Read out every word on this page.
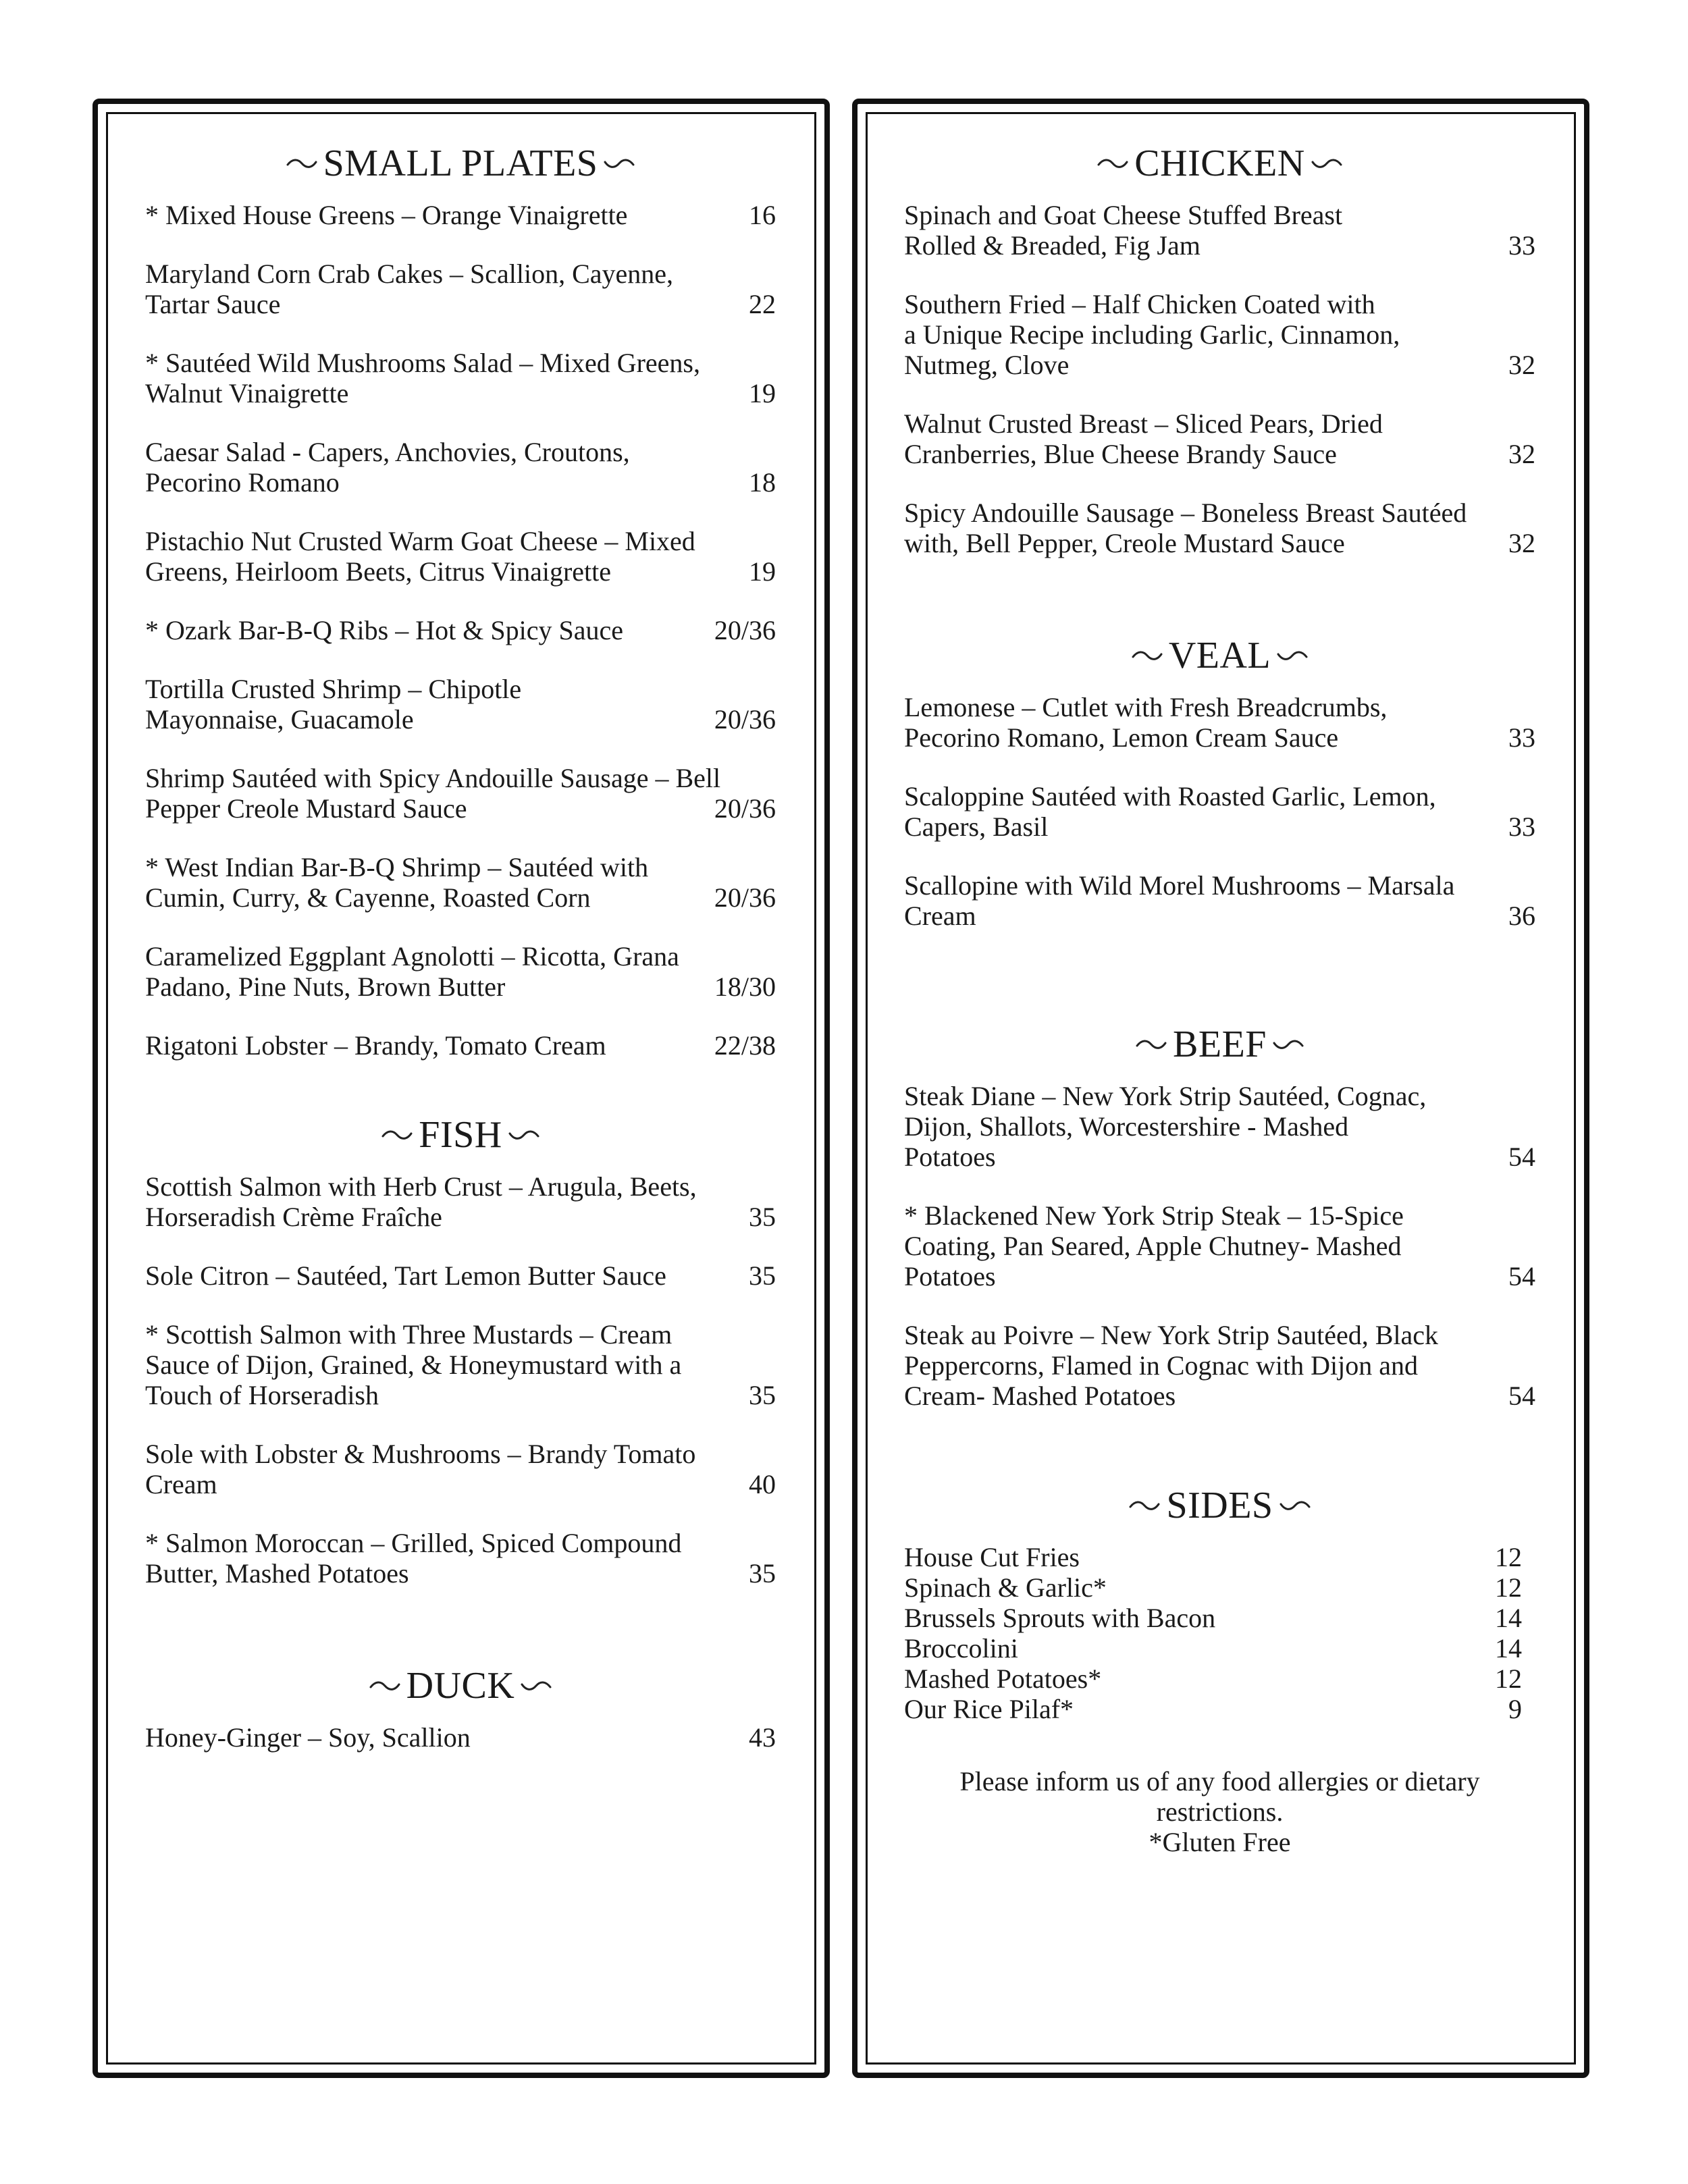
SMALL PLATES
* Mixed House Greens – Orange Vinaigrette	16
Maryland Corn Crab Cakes – Scallion, Cayenne,
Tartar Sauce	22
* Sautéed Wild Mushrooms Salad – Mixed Greens,
Walnut Vinaigrette	19
Caesar Salad - Capers, Anchovies, Croutons,
Pecorino Romano	18
Pistachio Nut Crusted Warm Goat Cheese – Mixed
Greens, Heirloom Beets, Citrus Vinaigrette	19
* Ozark Bar-B-Q Ribs – Hot & Spicy Sauce	20/36
Tortilla Crusted Shrimp – Chipotle
Mayonnaise, Guacamole	20/36
Shrimp Sautéed with Spicy Andouille Sausage – Bell
Pepper Creole Mustard Sauce	20/36
* West Indian Bar-B-Q Shrimp – Sautéed with
Cumin, Curry, & Cayenne, Roasted Corn	20/36
Caramelized Eggplant Agnolotti – Ricotta, Grana
Padano, Pine Nuts, Brown Butter	18/30
Rigatoni Lobster – Brandy, Tomato Cream	22/38
FISH
Scottish Salmon with Herb Crust – Arugula, Beets,
Horseradish Crème Fraîche	35
Sole Citron – Sautéed, Tart Lemon Butter Sauce	35
* Scottish Salmon with Three Mustards – Cream
Sauce of Dijon, Grained, & Honeymustard with a
Touch of Horseradish	35
Sole with Lobster & Mushrooms – Brandy Tomato
Cream	40
* Salmon Moroccan – Grilled, Spiced Compound
Butter, Mashed Potatoes	35
DUCK
Honey-Ginger – Soy, Scallion	43
CHICKEN
Spinach and Goat Cheese Stuffed Breast
Rolled & Breaded, Fig Jam	33
Southern Fried – Half Chicken Coated with
a Unique Recipe including Garlic, Cinnamon,
Nutmeg, Clove	32
Walnut Crusted Breast – Sliced Pears, Dried
Cranberries, Blue Cheese Brandy Sauce	32
Spicy Andouille Sausage – Boneless Breast Sautéed
with, Bell Pepper, Creole Mustard Sauce	32
VEAL
Lemonese – Cutlet with Fresh Breadcrumbs,
Pecorino Romano, Lemon Cream Sauce	33
Scaloppine Sautéed with Roasted Garlic, Lemon,
Capers, Basil	33
Scallopine with Wild Morel Mushrooms – Marsala
Cream	36
BEEF
Steak Diane – New York Strip Sautéed, Cognac,
Dijon, Shallots, Worcestershire - Mashed
Potatoes	54
* Blackened New York Strip Steak – 15-Spice
Coating, Pan Seared, Apple Chutney- Mashed
Potatoes	54
Steak au Poivre – New York Strip Sautéed, Black
Peppercorns, Flamed in Cognac with Dijon and
Cream- Mashed Potatoes	54
SIDES
House Cut Fries	12
Spinach & Garlic*	12
Brussels Sprouts with Bacon	14
Broccolini	14
Mashed Potatoes*	12
Our Rice Pilaf*	9
Please inform us of any food allergies or dietary
restrictions.
*Gluten Free
